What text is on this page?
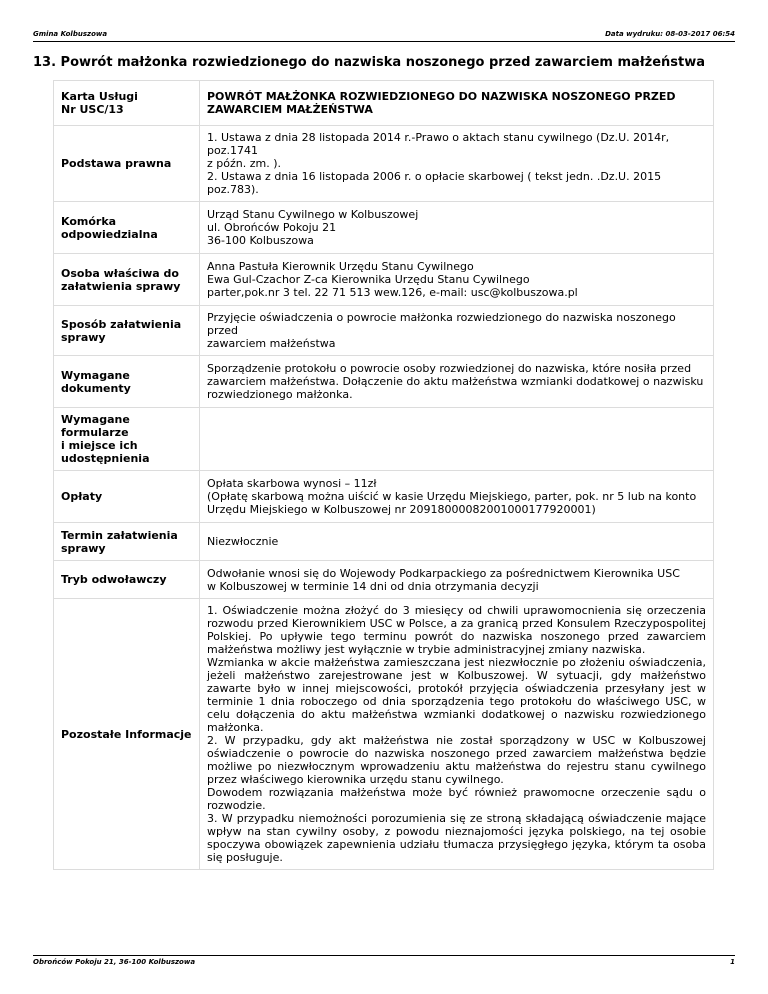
Gmina Kolbuszowa	Data wydruku: 08-03-2017 06:54
13. Powrót małżonka rozwiedzionego do nazwiska noszonego przed zawarciem małżeństwa
Karta Usługi
Nr USC/13	POWRÓT MAŁŻONKA ROZWIEDZIONEGO DO NAZWISKA NOSZONEGO PRZED
ZAWARCIEM MAŁŻEŃSTWA

Podstawa prawna	1. Ustawa z dnia 28 listopada 2014 r.-Prawo o aktach stanu cywilnego (Dz.U. 2014r, poz.1741
z późn. zm. ).
2. Ustawa z dnia 16 listopada 2006 r. o opłacie skarbowej ( tekst jedn. .Dz.U. 2015 poz.783).

Komórka
odpowiedzialna	Urząd Stanu Cywilnego w Kolbuszowej
ul. Obrońców Pokoju 21
36-100 Kolbuszowa

Osoba właściwa do
załatwienia sprawy	Anna Pastuła Kierownik Urzędu Stanu Cywilnego
Ewa Gul-Czachor Z-ca Kierownika Urzędu Stanu Cywilnego
parter,pok.nr 3 tel. 22 71 513 wew.126, e-mail: usc@kolbuszowa.pl

Sposób załatwienia
sprawy	Przyjęcie oświadczenia o powrocie małżonka rozwiedzionego do nazwiska noszonego przed
zawarciem małżeństwa

Wymagane
dokumenty	Sporządzenie protokołu o powrocie osoby rozwiedzionej do nazwiska, które nosiła przed
zawarciem małżeństwa. Dołączenie do aktu małżeństwa wzmianki dodatkowej o nazwisku
rozwiedzionego małżonka.

Wymagane formularze
i miejsce ich
udostępnienia	

Opłaty	Opłata skarbowa wynosi – 11zł
(Opłatę skarbową można uiścić w kasie Urzędu Miejskiego, parter, pok. nr 5 lub na konto
Urzędu Miejskiego w Kolbuszowej nr 20918000082001000177920001)

Termin załatwienia
sprawy	Niezwłocznie

Tryb odwoławczy	Odwołanie wnosi się do Wojewody Podkarpackiego za pośrednictwem Kierownika USC
w Kolbuszowej w terminie 14 dni od dnia otrzymania decyzji

Pozostałe Informacje	1. Oświadczenie można złożyć do 3 miesięcy od chwili uprawomocnienia się orzeczenia rozwodu przed Kierownikiem USC w Polsce, a za granicą przed Konsulem Rzeczypospolitej Polskiej. Po upływie tego terminu powrót do nazwiska noszonego przed zawarciem małżeństwa możliwy jest wyłącznie w trybie administracyjnej zmiany nazwiska.
Wzmianka w akcie małżeństwa zamieszczana jest niezwłocznie po złożeniu oświadczenia, jeżeli małżeństwo zarejestrowane jest w Kolbuszowej. W sytuacji, gdy małżeństwo zawarte było w innej miejscowości, protokół przyjęcia oświadczenia przesyłany jest w terminie 1 dnia roboczego od dnia sporządzenia tego protokołu do właściwego USC, w celu dołączenia do aktu małżeństwa wzmianki dodatkowej o nazwisku rozwiedzionego małżonka.
2. W przypadku, gdy akt małżeństwa nie został sporządzony w USC w Kolbuszowej oświadczenie o powrocie do nazwiska noszonego przed zawarciem małżeństwa będzie możliwe po niezwłocznym wprowadzeniu aktu małżeństwa do rejestru stanu cywilnego przez właściwego kierownika urzędu stanu cywilnego.
Dowodem rozwiązania małżeństwa może być również prawomocne orzeczenie sądu o rozwodzie.
3. W przypadku niemożności porozumienia się ze stroną składającą oświadczenie mające wpływ na stan cywilny osoby, z powodu nieznajomości języka polskiego, na tej osobie spoczywa obowiązek zapewnienia udziału tłumacza przysięgłego języka, którym ta osoba się posługuje.
Obrońców Pokoju 21, 36-100 Kolbuszowa	1
